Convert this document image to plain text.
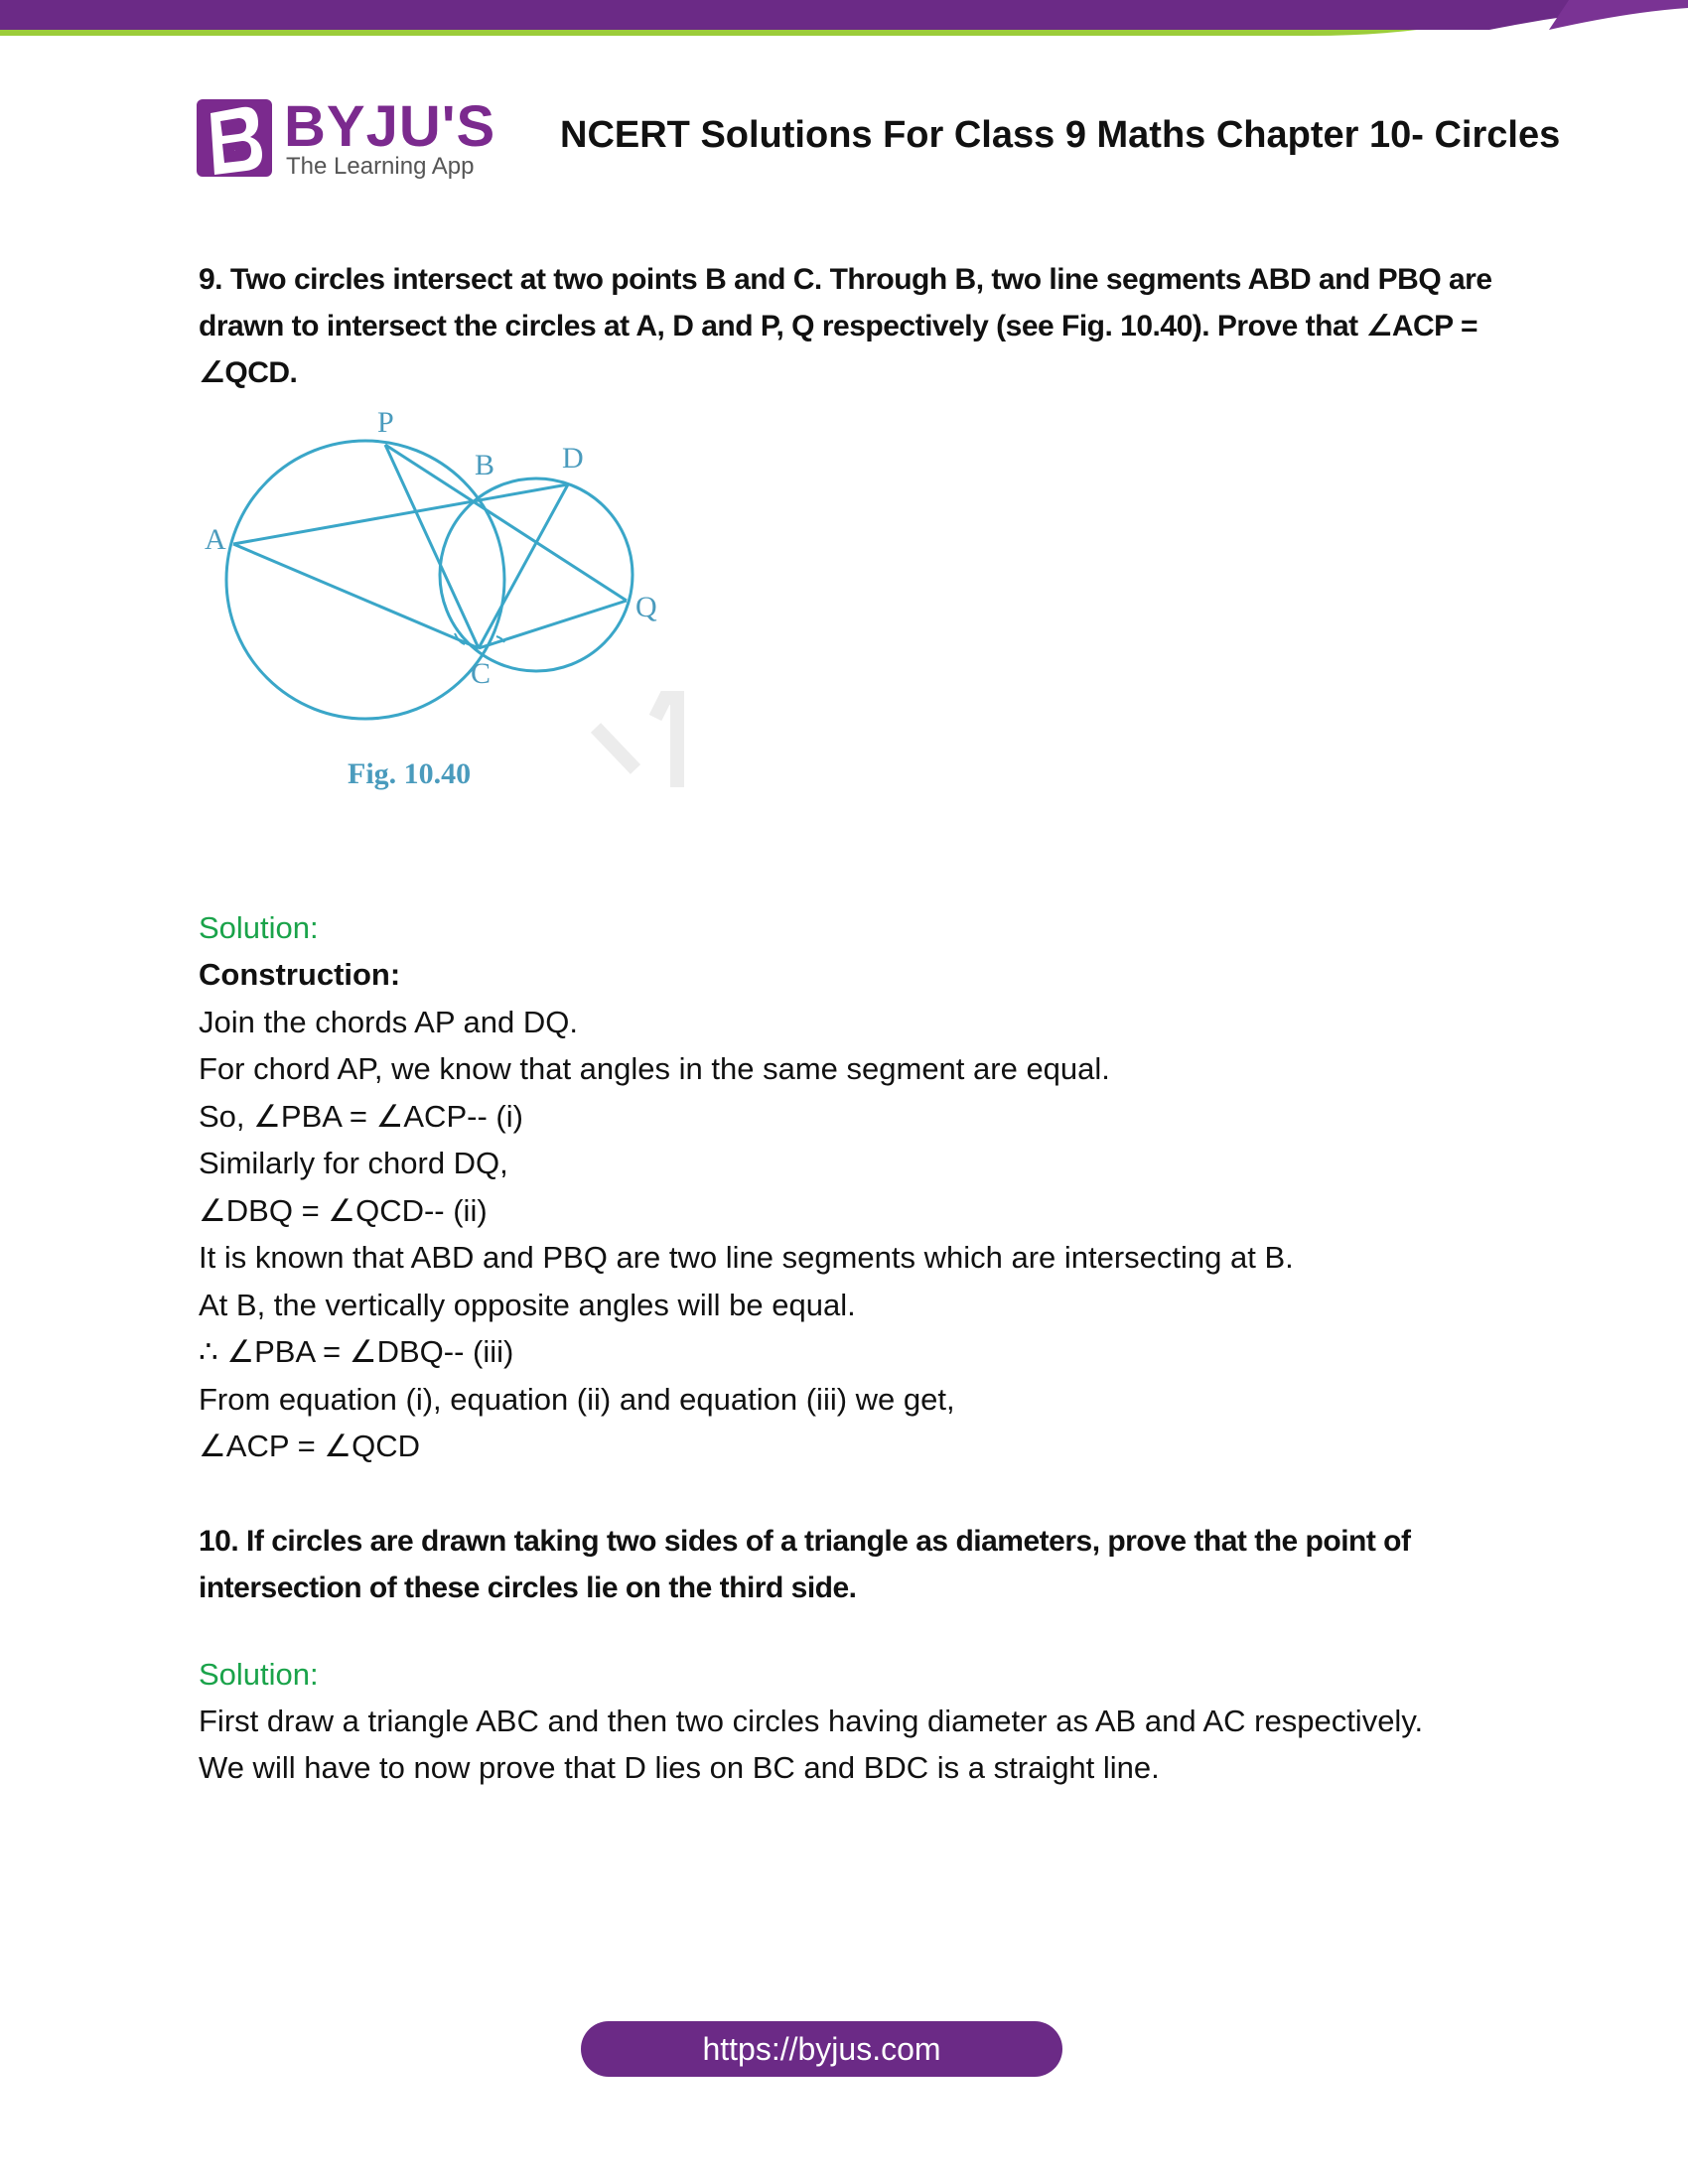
B BYJU'S
The Learning App
NCERT Solutions For Class 9 Maths Chapter 10- Circles
9. Two circles intersect at two points B and C. Through B, two line segments ABD and PBQ are
drawn to intersect the circles at A, D and P, Q respectively (see Fig. 10.40). Prove that ∠ACP =
∠QCD.
P
B D
A
Q
C
Fig. 10.40
Solution:
Construction:
Join the chords AP and DQ.
For chord AP, we know that angles in the same segment are equal.
So, ∠PBA = ∠ACP-- (i)
Similarly for chord DQ,
∠DBQ = ∠QCD-- (ii)
It is known that ABD and PBQ are two line segments which are intersecting at B.
At B, the vertically opposite angles will be equal.
∴ ∠PBA = ∠DBQ-- (iii)
From equation (i), equation (ii) and equation (iii) we get,
∠ACP = ∠QCD
10. If circles are drawn taking two sides of a triangle as diameters, prove that the point of
intersection of these circles lie on the third side.
Solution:
First draw a triangle ABC and then two circles having diameter as AB and AC respectively.
We will have to now prove that D lies on BC and BDC is a straight line.
https://byjus.com
